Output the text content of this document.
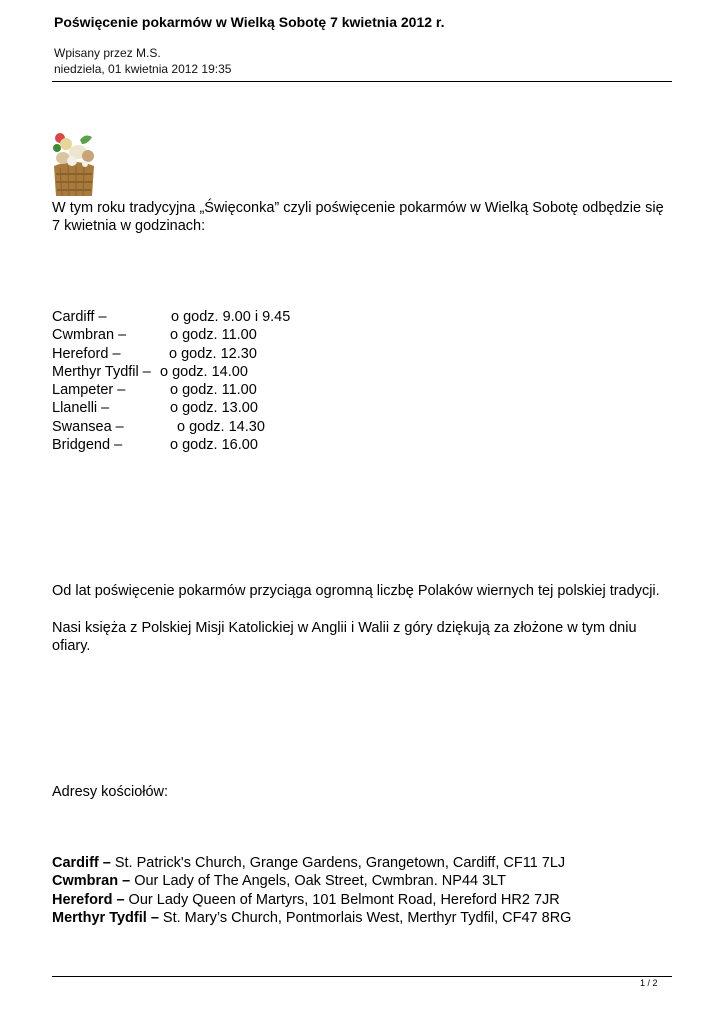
Poświęcenie pokarmów w Wielką Sobotę 7 kwietnia 2012 r.
Wpisany przez M.S.
niedziela, 01 kwietnia 2012 19:35
W tym roku tradycyjna „Święconka” czyli poświęcenie pokarmów w Wielką Sobotę odbędzie się 7 kwietnia w godzinach:
Cardiff –	o godz. 9.00 i 9.45
Cwmbran –	o godz. 11.00
Hereford –	o godz. 12.30
Merthyr Tydfil – o godz. 14.00
Lampeter –	o godz. 11.00
Llanelli –	o godz. 13.00
Swansea –	o godz. 14.30
Bridgend –	o godz. 16.00
Od lat poświęcenie pokarmów przyciąga ogromną liczbę Polaków wiernych tej polskiej tradycji.
Nasi księża z Polskiej Misji Katolickiej w Anglii i Walii z góry dziękują za złożone w tym dniu ofiary.
Adresy kościołów:
Cardiff – St. Patrick's Church, Grange Gardens, Grangetown, Cardiff, CF11 7LJ
Cwmbran – Our Lady of The Angels, Oak Street, Cwmbran. NP44 3LT
Hereford – Our Lady Queen of Martyrs, 101 Belmont Road, Hereford HR2 7JR
Merthyr Tydfil – St. Mary’s Church, Pontmorlais West, Merthyr Tydfil, CF47 8RG
1 / 2
